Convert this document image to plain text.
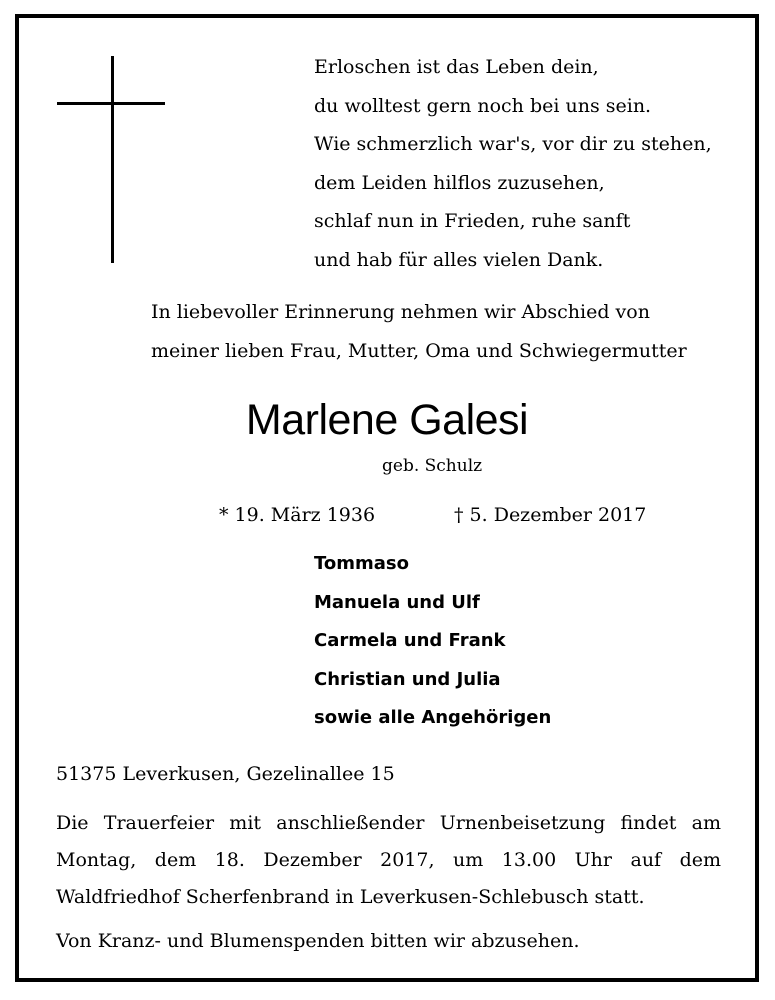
Erloschen ist das Leben dein,
du wolltest gern noch bei uns sein.
Wie schmerzlich war's, vor dir zu stehen,
dem Leiden hilflos zuzusehen,
schlaf nun in Frieden, ruhe sanft
und hab für alles vielen Dank.
In liebevoller Erinnerung nehmen wir Abschied von
meiner lieben Frau, Mutter, Oma und Schwiegermutter
Marlene Galesi
geb. Schulz
* 19. März 1936	† 5. Dezember 2017
Tommaso
Manuela und Ulf
Carmela und Frank
Christian und Julia
sowie alle Angehörigen
51375 Leverkusen, Gezelinallee 15
Die Trauerfeier mit anschließender Urnenbeisetzung findet am Montag, dem 18. Dezember 2017, um 13.00 Uhr auf dem Waldfriedhof Scherfenbrand in Leverkusen-Schlebusch statt.
Von Kranz- und Blumenspenden bitten wir abzusehen.
